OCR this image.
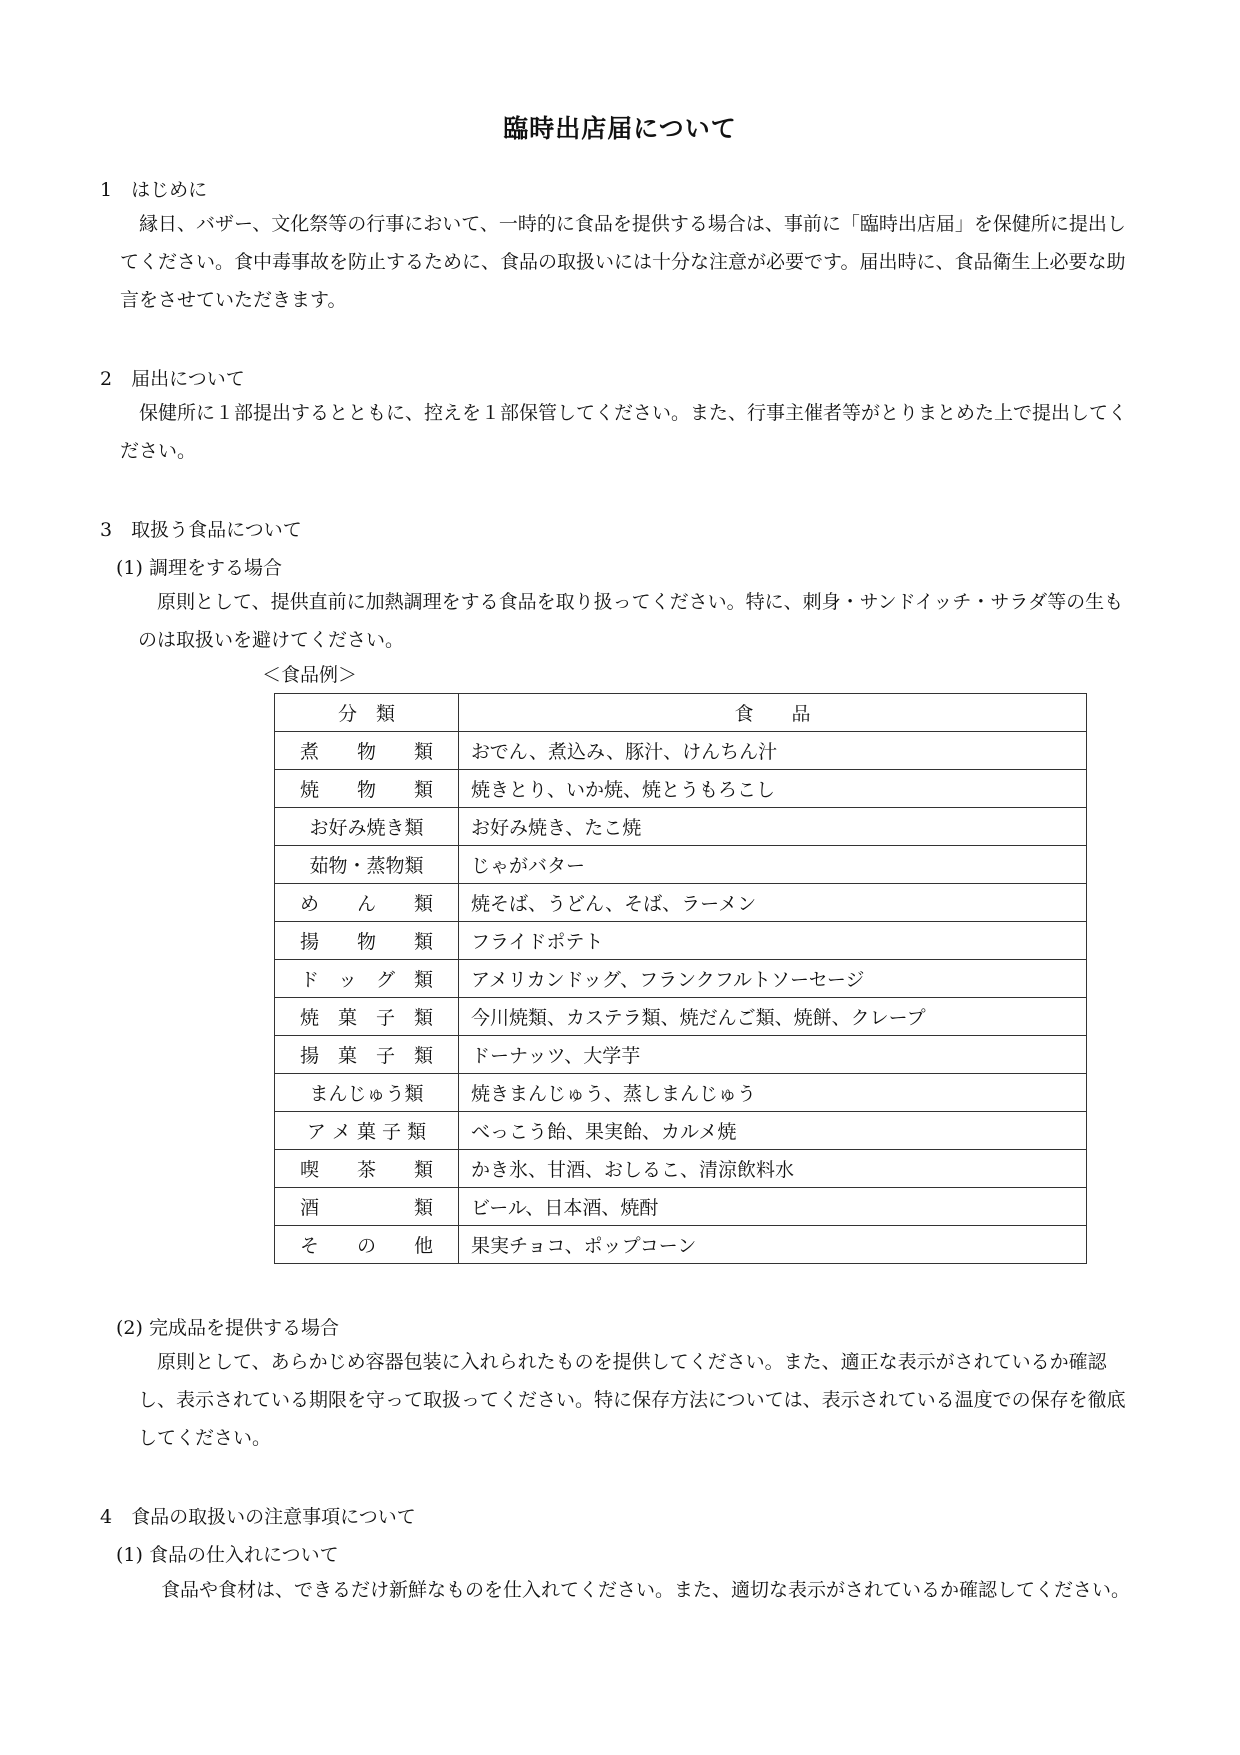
臨時出店届について
1　はじめに
縁日、バザー、文化祭等の行事において、一時的に食品を提供する場合は、事前に「臨時出店届」を保健所に提出してください。食中毒事故を防止するために、食品の取扱いには十分な注意が必要です。届出時に、食品衛生上必要な助言をさせていただきます。
2　届出について
保健所に１部提出するとともに、控えを１部保管してください。また、行事主催者等がとりまとめた上で提出してください。
3　取扱う食品について
(1) 調理をする場合
原則として、提供直前に加熱調理をする食品を取り扱ってください。特に、刺身・サンドイッチ・サラダ等の生ものは取扱いを避けてください。
＜食品例＞
分　類	食　　品
煮　　物　　類	おでん、煮込み、豚汁、けんちん汁
焼　　物　　類	焼きとり、いか焼、焼とうもろこし
お好み焼き類	お好み焼き、たこ焼
茹物・蒸物類	じゃがバター
め　　ん　　類	焼そば、うどん、そば、ラーメン
揚　　物　　類	フライドポテト
ド　ッ　グ　類	アメリカンドッグ、フランクフルトソーセージ
焼　菓　子　類	今川焼類、カステラ類、焼だんご類、焼餅、クレープ
揚　菓　子　類	ドーナッツ、大学芋
まんじゅう類	焼きまんじゅう、蒸しまんじゅう
ア メ 菓 子 類	べっこう飴、果実飴、カルメ焼
喫　　茶　　類	かき氷、甘酒、おしるこ、清涼飲料水
酒　　　　　類	ビール、日本酒、焼酎
そ　　の　　他	果実チョコ、ポップコーン
(2) 完成品を提供する場合
原則として、あらかじめ容器包装に入れられたものを提供してください。また、適正な表示がされているか確認し、表示されている期限を守って取扱ってください。特に保存方法については、表示されている温度での保存を徹底してください。
4　食品の取扱いの注意事項について
(1) 食品の仕入れについて
食品や食材は、できるだけ新鮮なものを仕入れてください。また、適切な表示がされているか確認してください。
